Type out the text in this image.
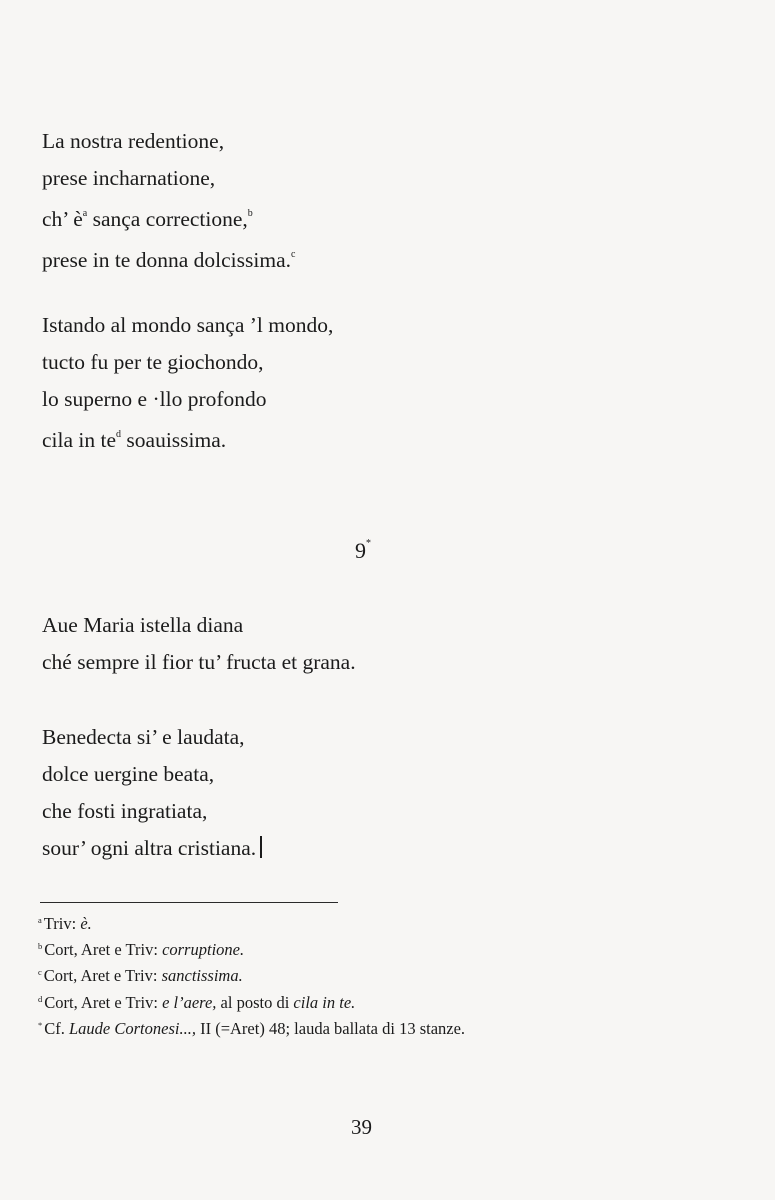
La nostra redentione,
prese incharnatione,
ch’ $è^a$ sança correctione,$^b$
prese in te donna dolcissima.$^c$
Istando al mondo sança ’l mondo,
tucto fu per te giochondo,
lo superno e ·llo profondo
cila in $te^d$ soauissima.
9*
Aue Maria istella diana
ché sempre il fior tu’ fructa et grana.
Benedecta si’ e laudata,
dolce uergine beata,
che fosti ingratiata,
sour’ ogni altra cristiana.
$^a$ Triv: è.
$^b$ Cort, Aret e Triv: corruptione.
$^c$ Cort, Aret e Triv: sanctissima.
$^d$ Cort, Aret e Triv: e l’aere, al posto di cila in te.
* Cf. Laude Cortonesi..., II (=Aret) 48; lauda ballata di 13 stanze.
39
